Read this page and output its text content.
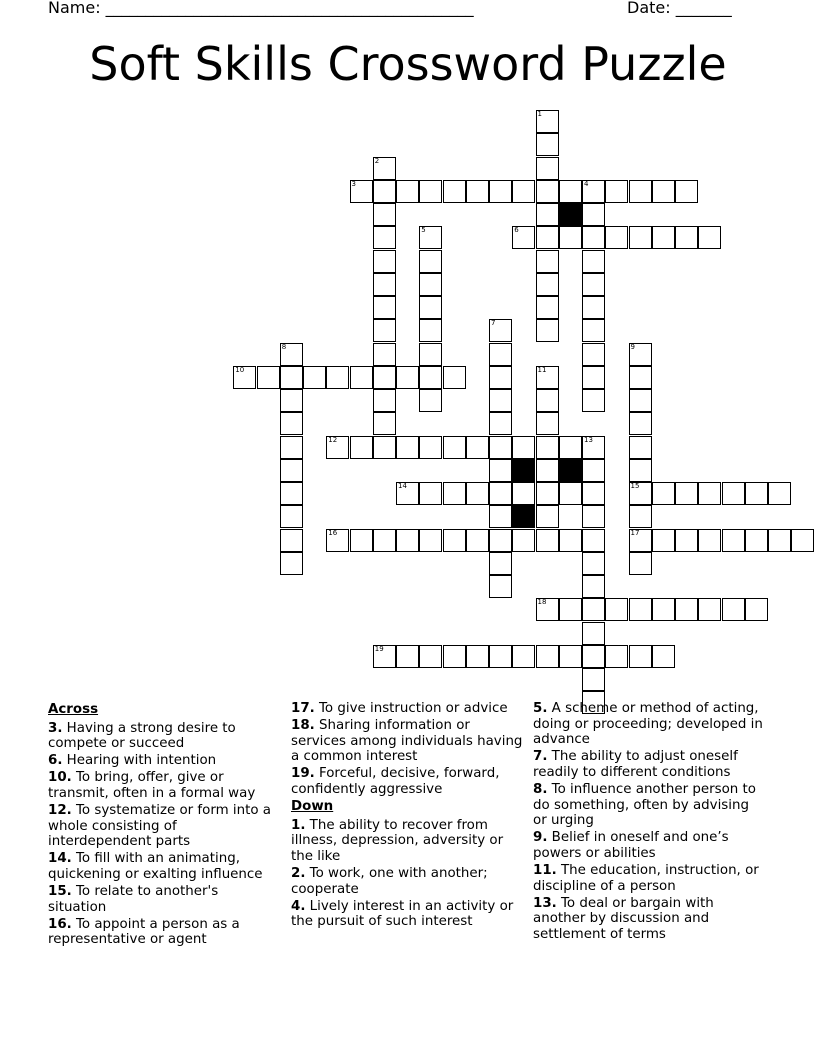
Name: ______________________________________________	Date: _______
Soft Skills Crossword Puzzle
1
2
3	4
5	6
7
8	9
15
17
10	11
12	13
14
16
19
18
Across
3. Having a strong desire to compete or succeed
6. Hearing with intention
10. To bring, offer, give or transmit, often in a formal way
12. To systematize or form into a whole consisting of interdependent parts
14. To fill with an animating, quickening or exalting influence
15. To relate to another's situation
16. To appoint a person as a representative or agent
17. To give instruction or advice
18. Sharing information or services among individuals having a common interest
19. Forceful, decisive, forward, confidently aggressive
Down
1. The ability to recover from illness, depression, adversity or the like
2. To work, one with another; cooperate
4. Lively interest in an activity or the pursuit of such interest
5. A scheme or method of acting, doing or proceeding; developed in advance
7. The ability to adjust oneself readily to different conditions
8. To influence another person to do something, often by advising or urging
9. Belief in oneself and one’s powers or abilities
11. The education, instruction, or discipline of a person
13. To deal or bargain with another by discussion and settlement of terms
